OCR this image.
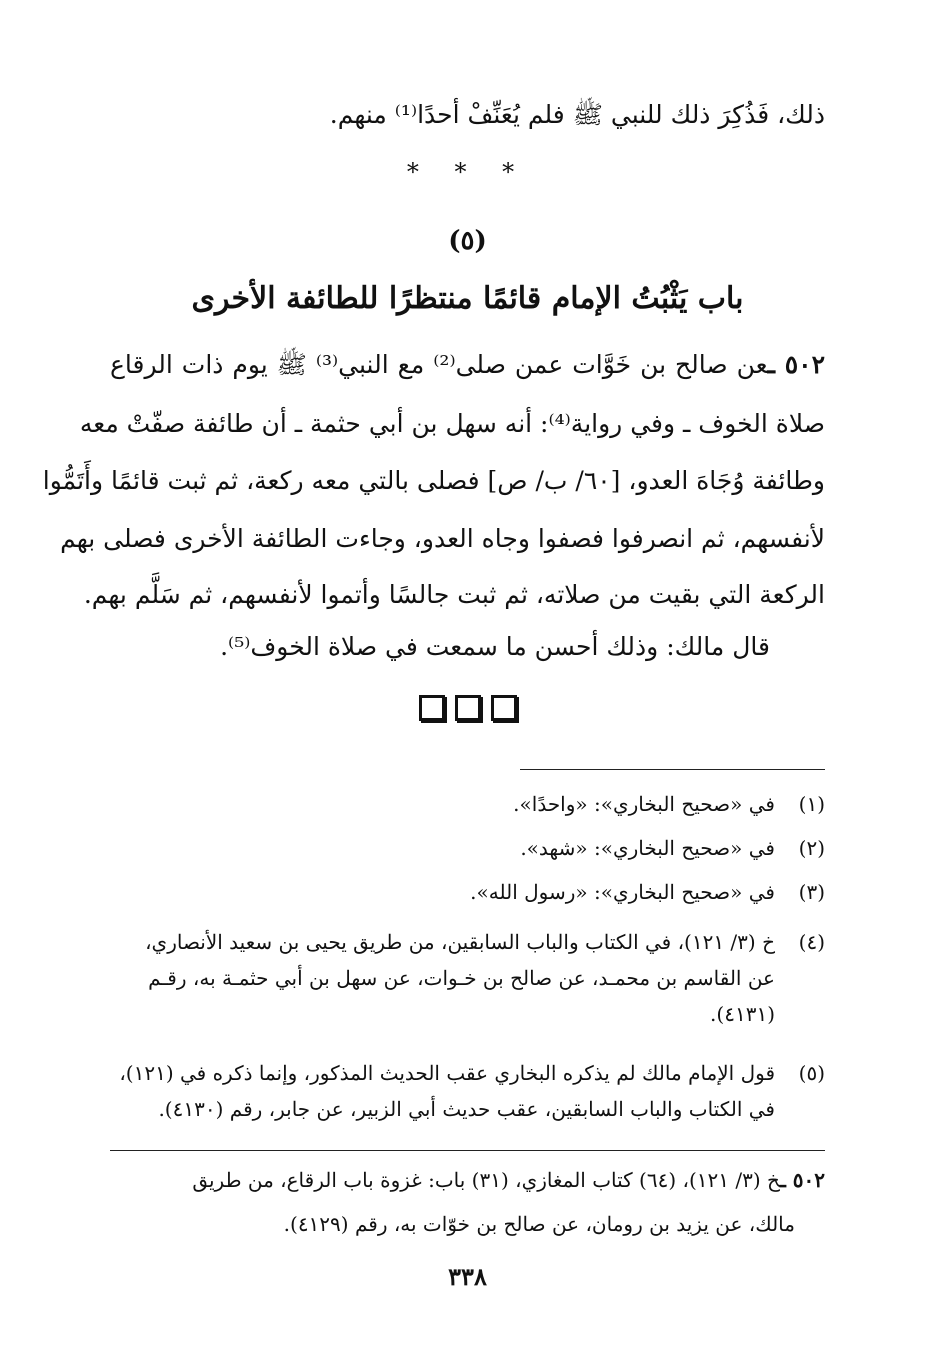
ذلك، فَذُكِرَ ذلك للنبي ﷺ فلم يُعَنِّفْ أحدًا⁽¹⁾ منهم.
* * *
(٥)
باب يَثْبُتُ الإمام قائمًا منتظرًا للطائفة الأخرى
٥٠٢ ـعن صالح بن خَوَّات عمن صلى⁽²⁾ مع النبي⁽³⁾ ﷺ يوم ذات الرقاع
صلاة الخوف ـ وفي رواية⁽⁴⁾: أنه سهل بن أبي حثمة ـ أن طائفة صفّتْ معه
وطائفة وُجَاهَ العدو، [٦٠/ ب/ ص] فصلى بالتي معه ركعة، ثم ثبت قائمًا وأَتَمُّوا
لأنفسهم، ثم انصرفوا فصفوا وجاه العدو، وجاءت الطائفة الأخرى فصلى بهم
الركعة التي بقيت من صلاته، ثم ثبت جالسًا وأتموا لأنفسهم، ثم سَلَّم بهم.
قال مالك: وذلك أحسن ما سمعت في صلاة الخوف⁽⁵⁾.
(١)
في «صحيح البخاري»: «واحدًا».
(٢)
في «صحيح البخاري»: «شهد».
(٣)
في «صحيح البخاري»: «رسول الله».
(٤)
خ (٣/ ١٢١)، في الكتاب والباب السابقين، من طريق يحيى بن سعيد الأنصاري،
عن القاسم بن محمـد، عن صالح بن خـوات، عن سهل بن أبي حثمـة به، رقـم
(٤١٣١).
(٥)
قول الإمام مالك لم يذكره البخاري عقب الحديث المذكور، وإنما ذكره في (١٢١)،
في الكتاب والباب السابقين، عقب حديث أبي الزبير، عن جابر، رقم (٤١٣٠).
٥٠٢ ـخ (٣/ ١٢١)، (٦٤) كتاب المغازي، (٣١) باب: غزوة باب الرقاع، من طريق
مالك، عن يزيد بن رومان، عن صالح بن خوّات به، رقم (٤١٢٩).
٣٣٨
